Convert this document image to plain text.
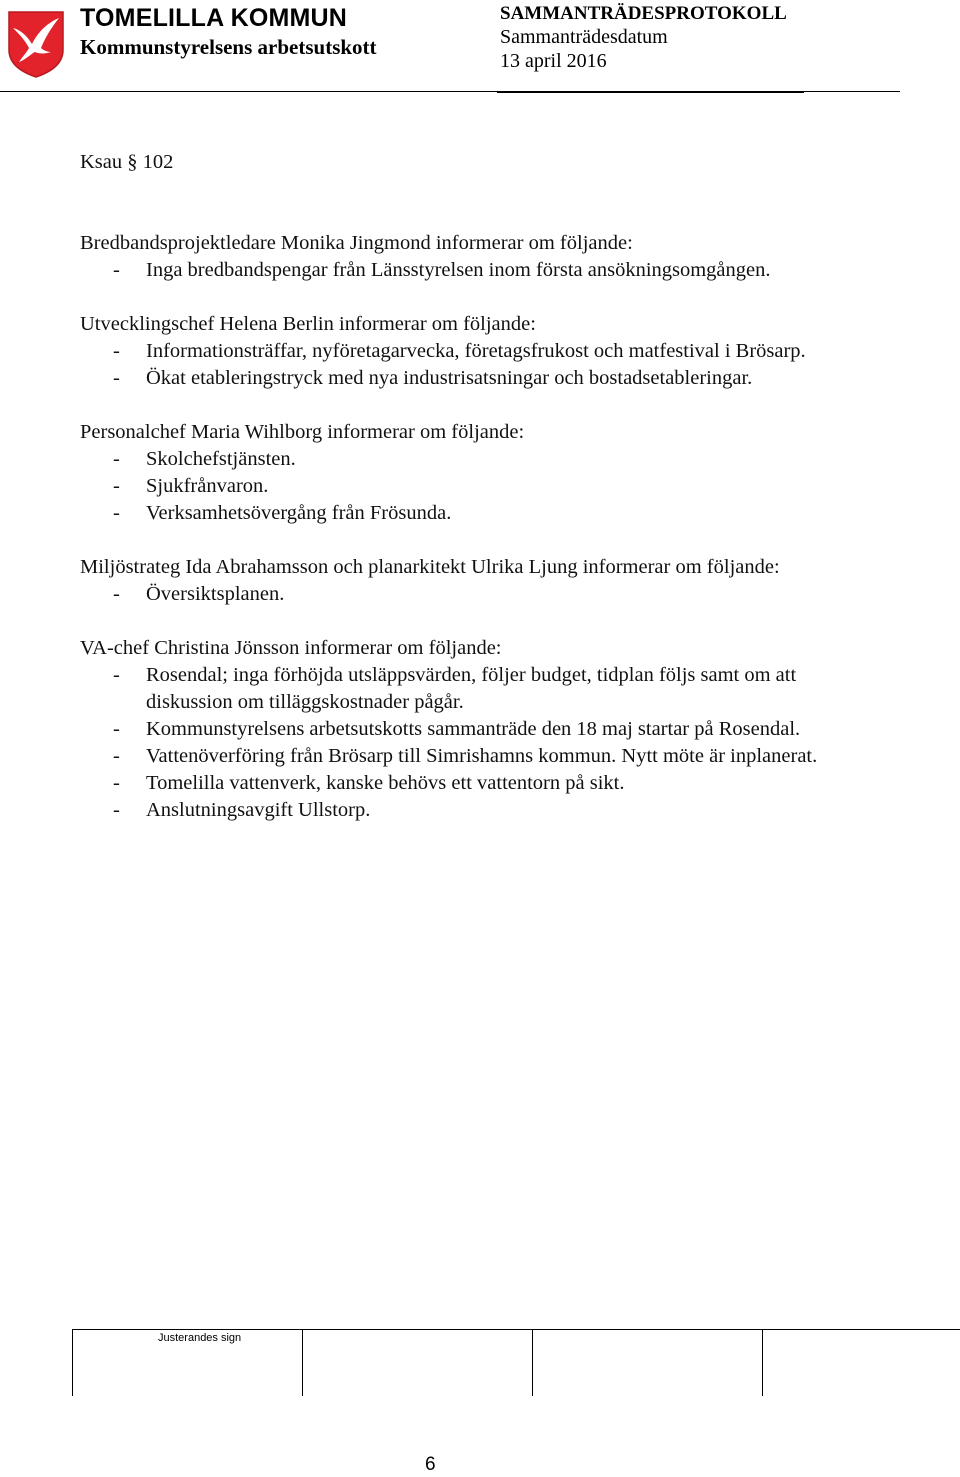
TOMELILLA KOMMUN
Kommunstyrelsens arbetsutskott
SAMMANTRÄDESPROTOKOLL
Sammanträdesdatum
13 april 2016
Ksau § 102
Bredbandsprojektledare Monika Jingmond informerar om följande:
- Inga bredbandspengar från Länsstyrelsen inom första ansökningsomgången.
Utvecklingschef Helena Berlin informerar om följande:
- Informationsträffar, nyföretagarvecka, företagsfrukost och matfestival i Brösarp.
- Ökat etableringstryck med nya industrisatsningar och bostadsetableringar.
Personalchef Maria Wihlborg informerar om följande:
- Skolchefstjänsten.
- Sjukfrånvaron.
- Verksamhetsövergång från Frösunda.
Miljöstrateg Ida Abrahamsson och planarkitekt Ulrika Ljung informerar om följande:
- Översiktsplanen.
VA-chef Christina Jönsson informerar om följande:
- Rosendal; inga förhöjda utsläppsvärden, följer budget, tidplan följs samt om att diskussion om tilläggskostnader pågår.
- Kommunstyrelsens arbetsutskotts sammanträde den 18 maj startar på Rosendal.
- Vattenöverföring från Brösarp till Simrishamns kommun. Nytt möte är inplanerat.
- Tomelilla vattenverk, kanske behövs ett vattentorn på sikt.
- Anslutningsavgift Ullstorp.
Justerandes sign
6
